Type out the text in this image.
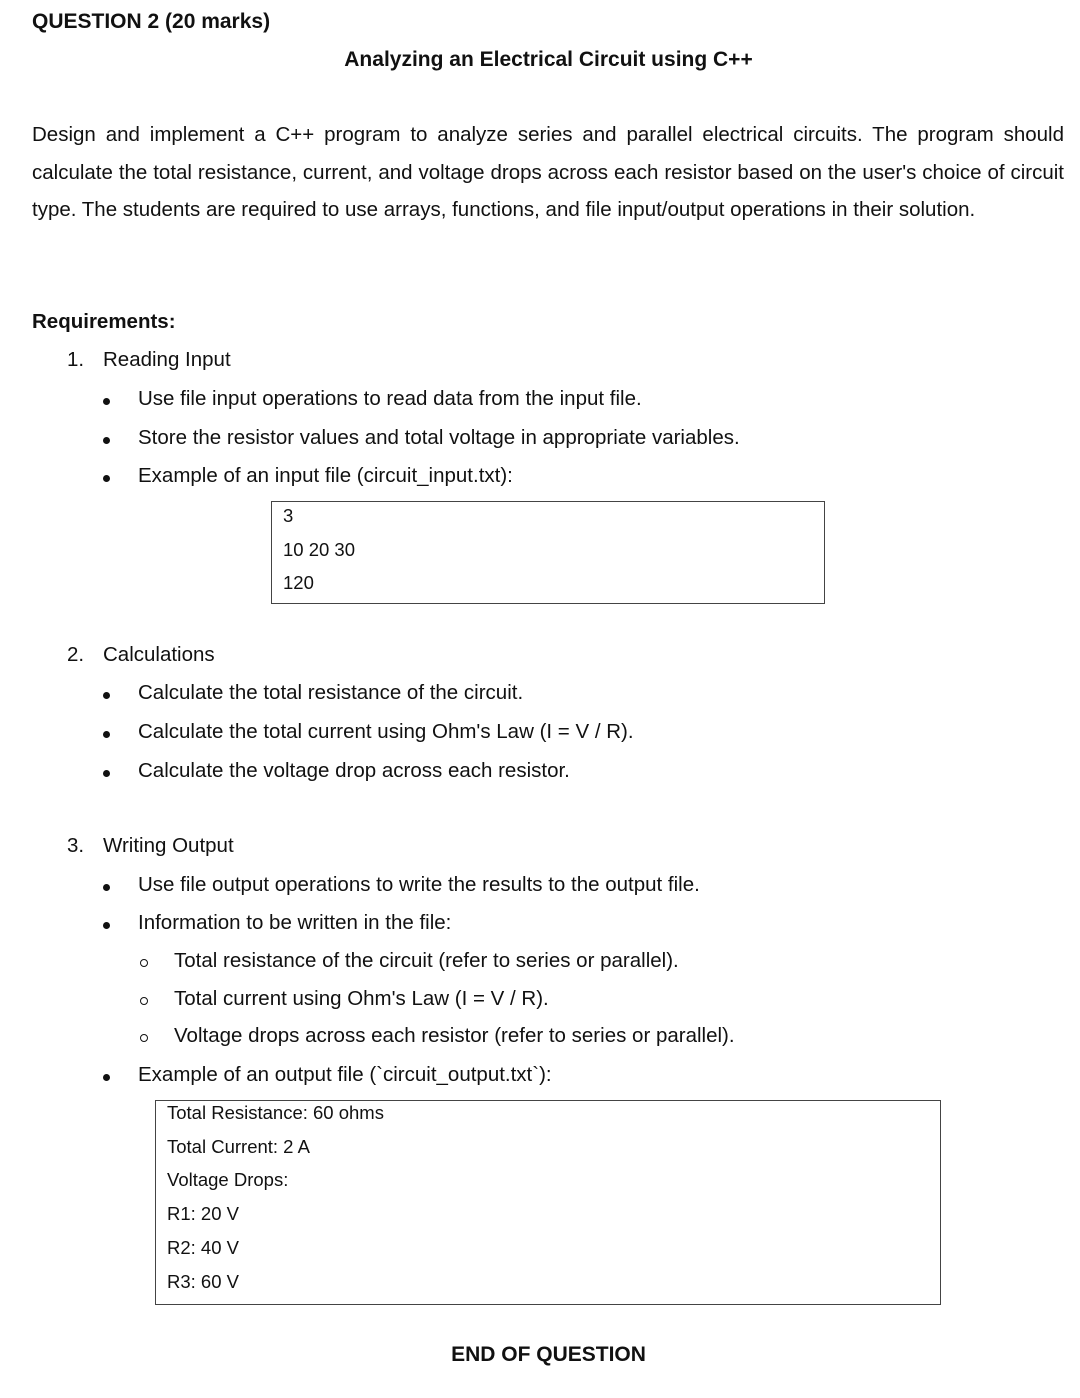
QUESTION 2 (20 marks)
Analyzing an Electrical Circuit using C++
Design and implement a C++ program to analyze series and parallel electrical circuits. The program should calculate the total resistance, current, and voltage drops across each resistor based on the user's choice of circuit type. The students are required to use arrays, functions, and file input/output operations in their solution.
Requirements:
1. Reading Input
Use file input operations to read data from the input file.
Store the resistor values and total voltage in appropriate variables.
Example of an input file (circuit_input.txt):
3
10 20 30
120
2. Calculations
Calculate the total resistance of the circuit.
Calculate the total current using Ohm's Law (I = V / R).
Calculate the voltage drop across each resistor.
3. Writing Output
Use file output operations to write the results to the output file.
Information to be written in the file:
Total resistance of the circuit (refer to series or parallel).
Total current using Ohm's Law (I = V / R).
Voltage drops across each resistor (refer to series or parallel).
Example of an output file (`circuit_output.txt`):
Total Resistance: 60 ohms
Total Current: 2 A
Voltage Drops:
R1: 20 V
R2: 40 V
R3: 60 V
END OF QUESTION
